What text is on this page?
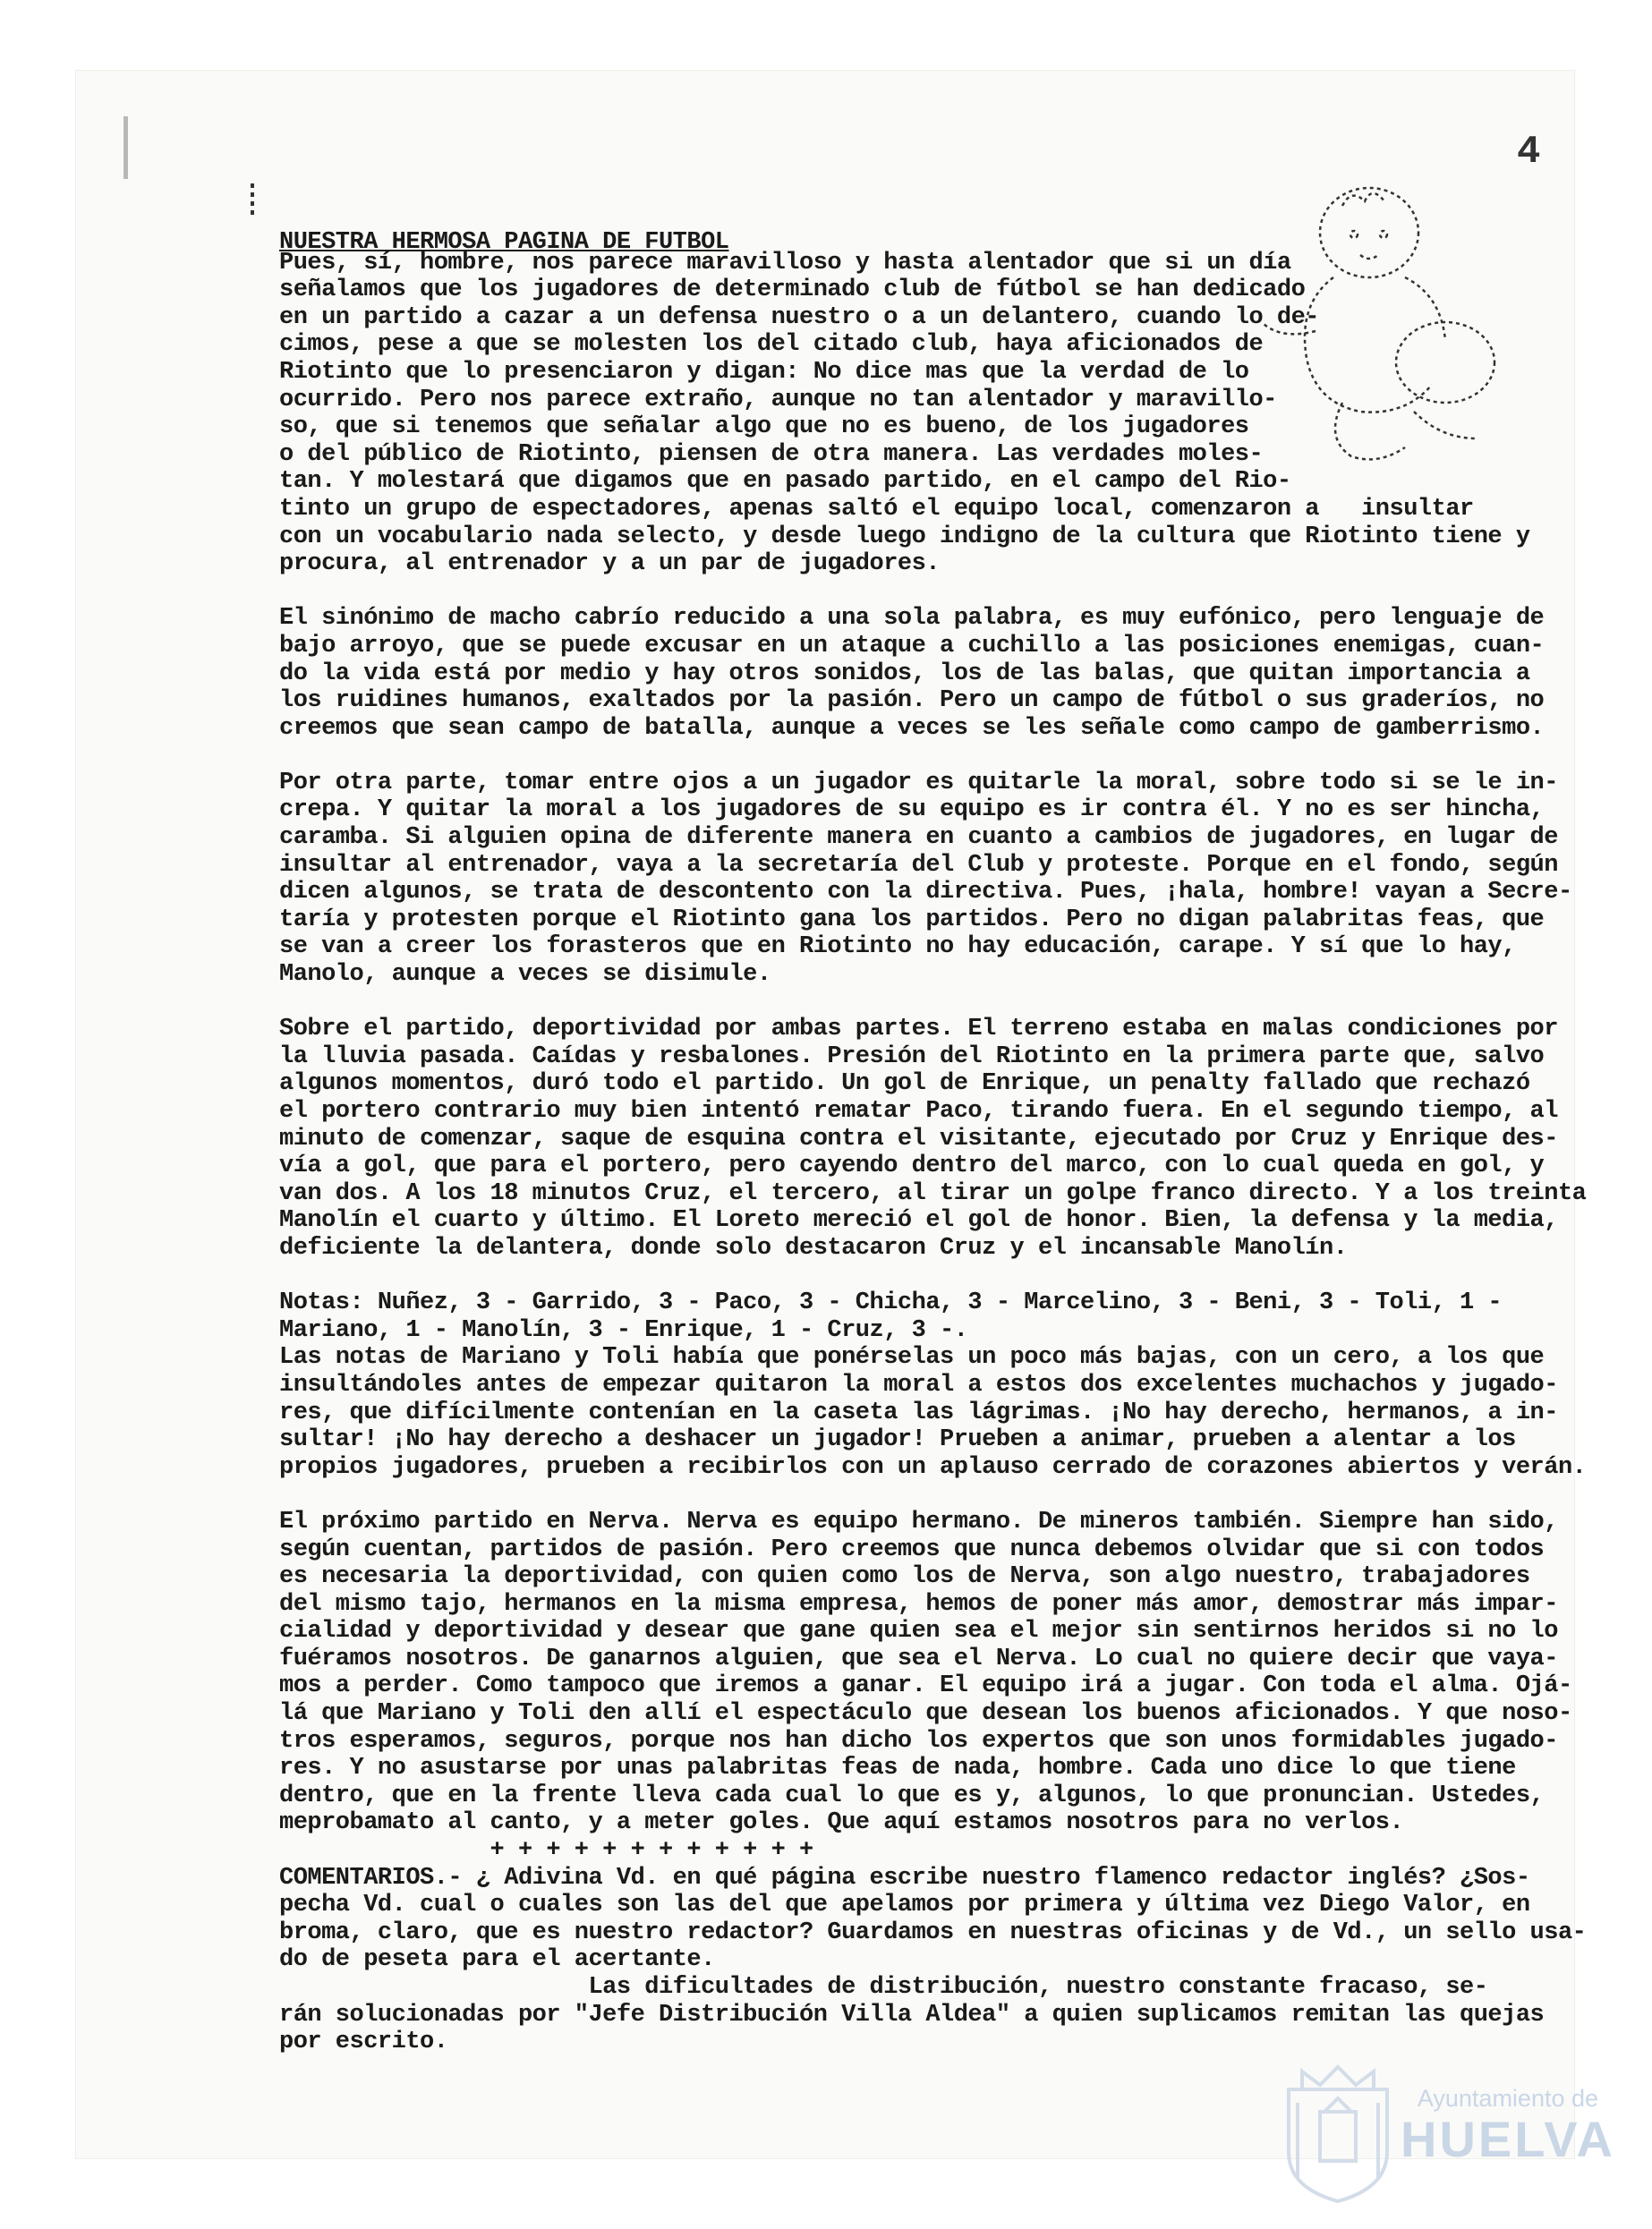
4
NUESTRA HERMOSA PAGINA DE FUTBOL

Pues, sí, hombre, nos parece maravilloso y hasta alentador que si un día
señalamos que los jugadores de determinado club de fútbol se han dedicado
en un partido a cazar a un defensa nuestro o a un delantero, cuando lo de-
cimos, pese a que se molesten los del citado club, haya aficionados de
Riotinto que lo presenciaron y digan: No dice mas que la verdad de lo
ocurrido. Pero nos parece extraño, aunque no tan alentador y maravillo-
so, que si tenemos que señalar algo que no es bueno, de los jugadores
o del público de Riotinto, piensen de otra manera. Las verdades moles-
tan. Y molestará que digamos que en pasado partido, en el campo del Rio-
tinto un grupo de espectadores, apenas saltó el equipo local, comenzaron a   insultar
con un vocabulario nada selecto, y desde luego indigno de la cultura que Riotinto tiene y
procura, al entrenador y a un par de jugadores.

El sinónimo de macho cabrío reducido a una sola palabra, es muy eufónico, pero lenguaje de
bajo arroyo, que se puede excusar en un ataque a cuchillo a las posiciones enemigas, cuan-
do la vida está por medio y hay otros sonidos, los de las balas, que quitan importancia a
los ruidines humanos, exaltados por la pasión. Pero un campo de fútbol o sus graderíos, no
creemos que sean campo de batalla, aunque a veces se les señale como campo de gamberrismo.

Por otra parte, tomar entre ojos a un jugador es quitarle la moral, sobre todo si se le in-
crepa. Y quitar la moral a los jugadores de su equipo es ir contra él. Y no es ser hincha,
caramba. Si alguien opina de diferente manera en cuanto a cambios de jugadores, en lugar de
insultar al entrenador, vaya a la secretaría del Club y proteste. Porque en el fondo, según
dicen algunos, se trata de descontento con la directiva. Pues, ¡hala, hombre! vayan a Secre-
taría y protesten porque el Riotinto gana los partidos. Pero no digan palabritas feas, que
se van a creer los forasteros que en Riotinto no hay educación, carape. Y sí que lo hay,
Manolo, aunque a veces se disimule.

Sobre el partido, deportividad por ambas partes. El terreno estaba en malas condiciones por
la lluvia pasada. Caídas y resbalones. Presión del Riotinto en la primera parte que, salvo
algunos momentos, duró todo el partido. Un gol de Enrique, un penalty fallado que rechazó
el portero contrario muy bien intentó rematar Paco, tirando fuera. En el segundo tiempo, al
minuto de comenzar, saque de esquina contra el visitante, ejecutado por Cruz y Enrique des-
vía a gol, que para el portero, pero cayendo dentro del marco, con lo cual queda en gol, y
van dos. A los 18 minutos Cruz, el tercero, al tirar un golpe franco directo. Y a los treinta
Manolín el cuarto y último. El Loreto mereció el gol de honor. Bien, la defensa y la media,
deficiente la delantera, donde solo destacaron Cruz y el incansable Manolín.

Notas: Nuñez, 3 - Garrido, 3 - Paco, 3 - Chicha, 3 - Marcelino, 3 - Beni, 3 - Toli, 1 -
Mariano, 1 - Manolín, 3 - Enrique, 1 - Cruz, 3 -.
Las notas de Mariano y Toli había que ponérselas un poco más bajas, con un cero, a los que
insultándoles antes de empezar quitaron la moral a estos dos excelentes muchachos y jugado-
res, que difícilmente contenían en la caseta las lágrimas. ¡No hay derecho, hermanos, a in-
sultar! ¡No hay derecho a deshacer un jugador! Prueben a animar, prueben a alentar a los
propios jugadores, prueben a recibirlos con un aplauso cerrado de corazones abiertos y verán.

El próximo partido en Nerva. Nerva es equipo hermano. De mineros también. Siempre han sido,
según cuentan, partidos de pasión. Pero creemos que nunca debemos olvidar que si con todos
es necesaria la deportividad, con quien como los de Nerva, son algo nuestro, trabajadores
del mismo tajo, hermanos en la misma empresa, hemos de poner más amor, demostrar más impar-
cialidad y deportividad y desear que gane quien sea el mejor sin sentirnos heridos si no lo
fuéramos nosotros. De ganarnos alguien, que sea el Nerva. Lo cual no quiere decir que vaya-
mos a perder. Como tampoco que iremos a ganar. El equipo irá a jugar. Con toda el alma. Ojá-
lá que Mariano y Toli den allí el espectáculo que desean los buenos aficionados. Y que noso-
tros esperamos, seguros, porque nos han dicho los expertos que son unos formidables jugado-
res. Y no asustarse por unas palabritas feas de nada, hombre. Cada uno dice lo que tiene
dentro, que en la frente lleva cada cual lo que es y, algunos, lo que pronuncian. Ustedes,
meprobamato al canto, y a meter goles. Que aquí estamos nosotros para no verlos.
+ + + + + + + + + + + +
COMENTARIOS.- ¿ Adivina Vd. en qué página escribe nuestro flamenco redactor inglés? ¿Sos-
pecha Vd. cual o cuales son las del que apelamos por primera y última vez Diego Valor, en
broma, claro, que es nuestro redactor? Guardamos en nuestras oficinas y de Vd., un sello usa-
do de peseta para el acertante.
Las dificultades de distribución, nuestro constante fracaso, se-
rán solucionadas por "Jefe Distribución Villa Aldea" a quien suplicamos remitan las quejas
por escrito.
Ayuntamiento de
HUELVA
